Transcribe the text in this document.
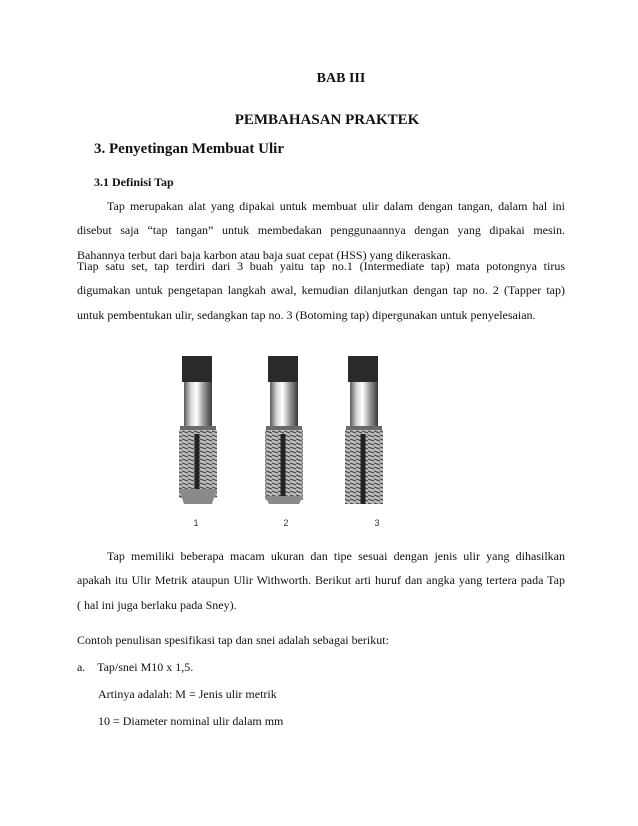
BAB III
PEMBAHASAN PRAKTEK
3. Penyetingan Membuat Ulir
3.1 Definisi Tap
Tap merupakan alat yang dipakai untuk membuat ulir dalam dengan tangan, dalam hal ini
disebut saja “tap tangan” untuk membedakan penggunaannya dengan yang dipakai mesin.
Bahannya terbut dari baja karbon atau baja suat cepat (HSS) yang dikeraskan.
Tiap satu set, tap terdiri dari 3 buah yaitu tap no.1 (Intermediate tap) mata potongnya tirus
digumakan untuk pengetapan langkah awal, kemudian dilanjutkan dengan tap no. 2 (Tapper tap)
untuk pembentukan ulir, sedangkan tap no. 3 (Botoming tap) dipergunakan untuk penyelesaian.
1	2	3
Tap memiliki beberapa macam ukuran dan tipe sesuai dengan jenis ulir yang dihasilkan
apakah itu Ulir Metrik ataupun Ulir Withworth. Berikut arti huruf dan angka yang tertera pada Tap
( hal ini juga berlaku pada Sney).
Contoh penulisan spesifikasi tap dan snei adalah sebagai berikut:
a.    Tap/snei M10 x 1,5.
Artinya adalah: M = Jenis ulir metrik
10 = Diameter nominal ulir dalam mm
